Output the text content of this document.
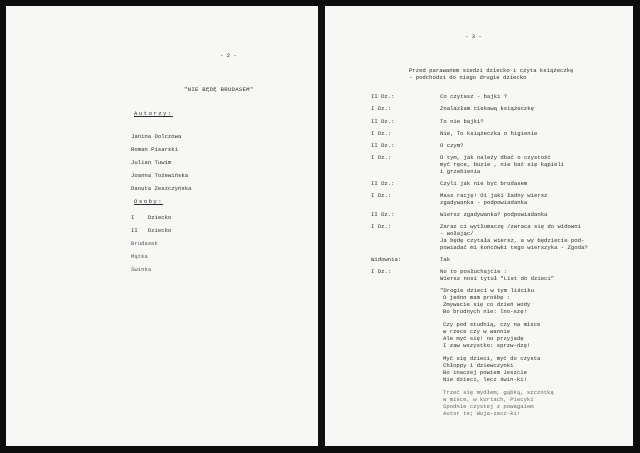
- 2 -
"NIE BĘDĘ BRUDASEM"
Autorzy:
Janina Dolczowa
Roman Pisarski
Julian Tuwim
Joanna Tożewińska
Danuta Zeszczyńska
Osoby:
I    Dziecko
II   Dziecko
Brudasek
Mątka
Świnka
- 3 -
Przed parawanem siedzi dziecko i czyta książeczkę
- podchodzi do niego drugie dziecko
II Dz.:	Co czytasz - bajki ?
I Dz.:	Znalazłam ciekawą książeczkę
II Dz.:	To nie bajki?
I Dz.:	Nie, To książeczka o higienie
II Dz.:	O czym?
I Dz.:	O tym, jak należy dbać o czystość
myć ręce, buzie , nie bać się kąpieli
i grzebienia
II Dz.:	Czyli jak nie być brudasem
I Dz.:	Masz rację! Oi jaki ładny wiersz
zgadywanka - podpowiadanka
II Dz.:	Wiersz zgadywanka? podpowiadanka
I Dz.:	Zaraz ci wytłumaczę /zwraca się do widowni
- wołając/
Ja będę czytała wiersz, a wy będziecie pod-
powiadać mi końcówki tego wierszyka - Zgoda?
Widownia:	Tak
I Dz.:	No to posłuchajcie :
Wiersz nosi tytuł "List do dzieci"
"Drogie dzieci w tym liściku
O jednn mam prośbę :
Zmywacie się co dzień wody
Bo brudnych nie: lno-szę!
Czy pod studnią, czy na misce
w rzece czy w wannie
Ale myć się! no przyjadę
I zaw wszystko: sprzw-dzę!
Myć się dzieci, myć do czysta
Chłoppy i dziewczynki
Bo inaczej powiem Jeszcie
Nie dzieci, lecz świn-ki!
Trzeć się mydłem, gąbką, szczotką
w misce, w kurtach, Piecyki
Spodnie czystej z powagaiem
Autor te; Wuja-zecz-ki!
